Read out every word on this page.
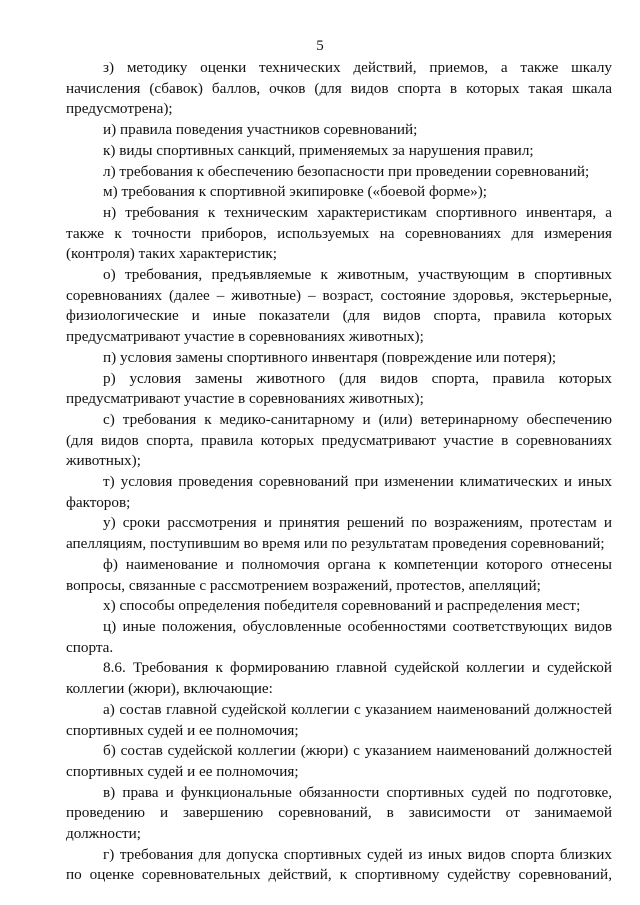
5

з) методику оценки технических действий, приемов, а также шкалу начисления (сбавок) баллов, очков (для видов спорта в которых такая шкала предусмотрена);

и) правила поведения участников соревнований;

к) виды спортивных санкций, применяемых за нарушения правил;

л) требования к обеспечению безопасности при проведении соревнований;

м) требования к спортивной экипировке («боевой форме»);

н) требования к техническим характеристикам спортивного инвентаря, а также к точности приборов, используемых на соревнованиях для измерения (контроля) таких характеристик;

о) требования, предъявляемые к животным, участвующим в спортивных соревнованиях (далее – животные) – возраст, состояние здоровья, экстерьерные, физиологические и иные показатели (для видов спорта, правила которых предусматривают участие в соревнованиях животных);

п) условия замены спортивного инвентаря (повреждение или потеря);

р) условия замены животного (для видов спорта, правила которых предусматривают участие в соревнованиях животных);

с) требования к медико-санитарному и (или) ветеринарному обеспечению (для видов спорта, правила которых предусматривают участие в соревнованиях животных);

т) условия проведения соревнований при изменении климатических и иных факторов;

у) сроки рассмотрения и принятия решений по возражениям, протестам и апелляциям, поступившим во время или по результатам проведения соревнований;

ф) наименование и полномочия органа к компетенции которого отнесены вопросы, связанные с рассмотрением возражений, протестов, апелляций;

х) способы определения победителя соревнований и распределения мест;

ц) иные положения, обусловленные особенностями соответствующих видов спорта.

8.6. Требования к формированию главной судейской коллегии и судейской коллегии (жюри), включающие:

а) состав главной судейской коллегии с указанием наименований должностей спортивных судей и ее полномочия;

б) состав судейской коллегии (жюри) с указанием наименований должностей спортивных судей и ее полномочия;

в) права и функциональные обязанности спортивных судей по подготовке, проведению и завершению соревнований, в зависимости от занимаемой должности;

г) требования для допуска спортивных судей из иных видов спорта близких по оценке соревновательных действий, к спортивному судейству соревнований,
